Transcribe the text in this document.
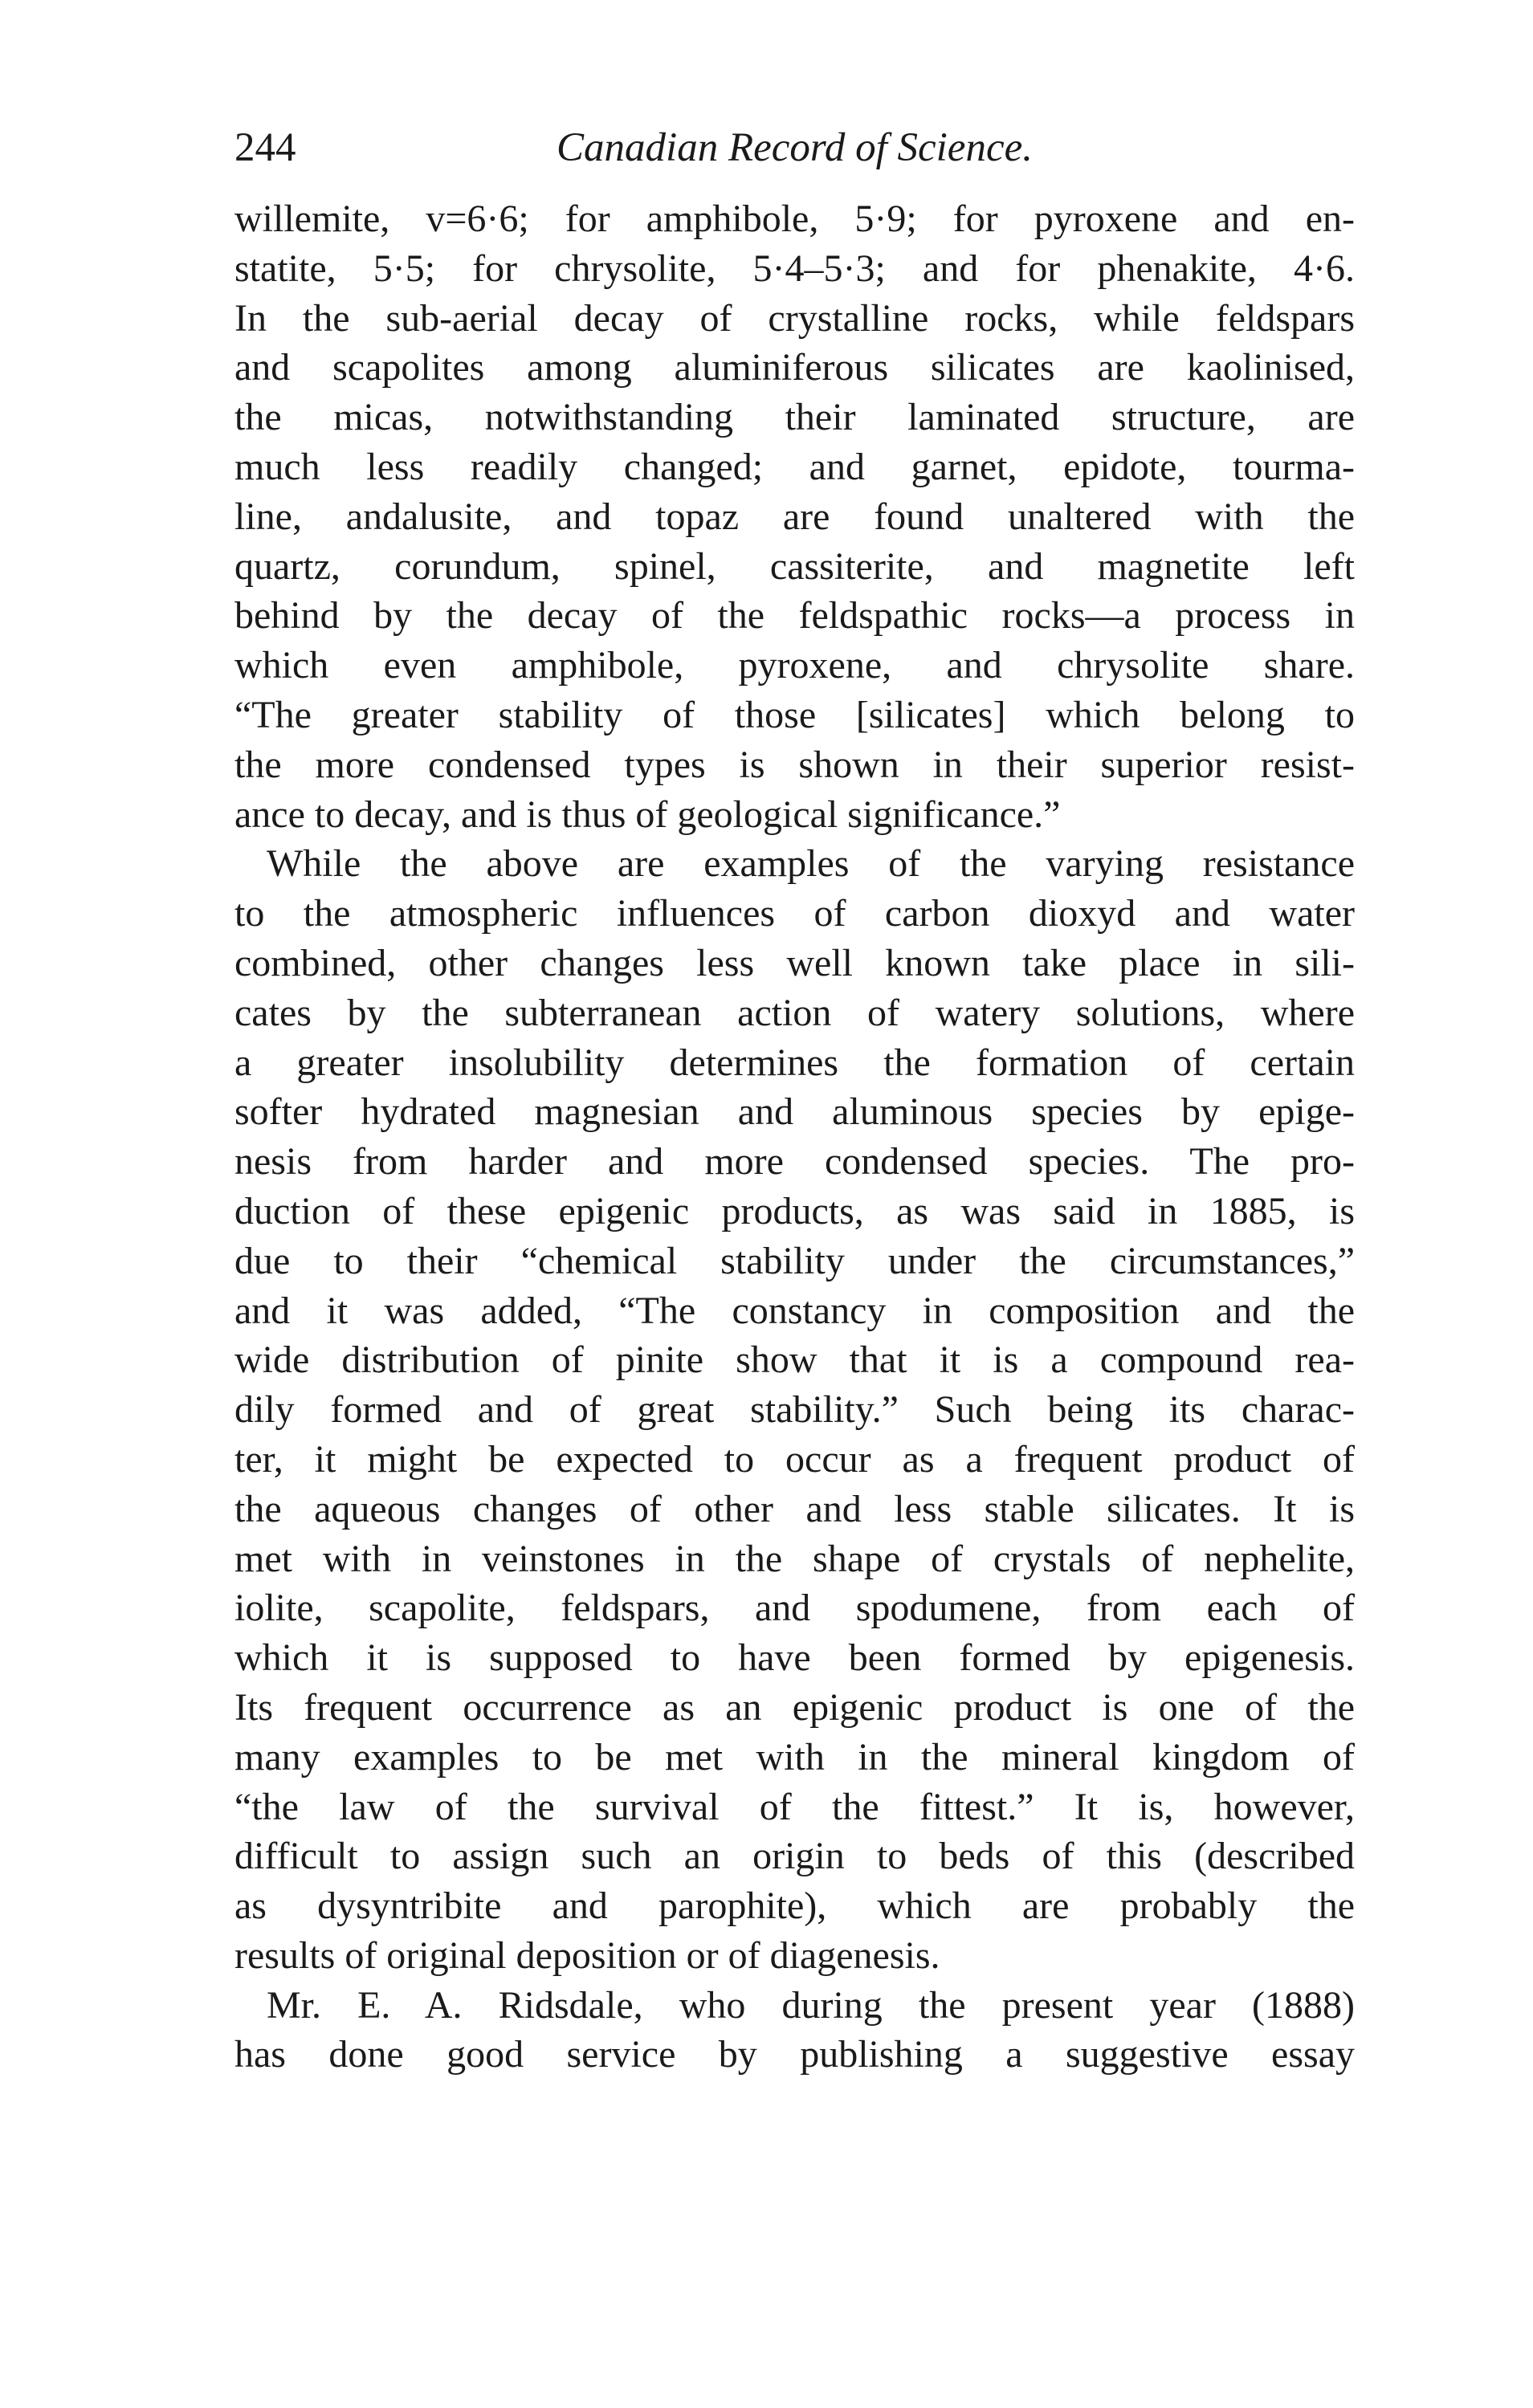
244	Canadian Record of Science.
willemite, v=6·6; for amphibole, 5·9; for pyroxene and en-
statite, 5·5; for chrysolite, 5·4–5·3; and for phenakite, 4·6.
In the sub-aerial decay of crystalline rocks, while feldspars
and scapolites among aluminiferous silicates are kaolinised,
the micas, notwithstanding their laminated structure, are
much less readily changed; and garnet, epidote, tourma-
line, andalusite, and topaz are found unaltered with the
quartz, corundum, spinel, cassiterite, and magnetite left
behind by the decay of the feldspathic rocks—a process in
which even amphibole, pyroxene, and chrysolite share.
“The greater stability of those [silicates] which belong to
the more condensed types is shown in their superior resist-
ance to decay, and is thus of geological significance.”
While the above are examples of the varying resistance
to the atmospheric influences of carbon dioxyd and water
combined, other changes less well known take place in sili-
cates by the subterranean action of watery solutions, where
a greater insolubility determines the formation of certain
softer hydrated magnesian and aluminous species by epige-
nesis from harder and more condensed species. The pro-
duction of these epigenic products, as was said in 1885, is
due to their “chemical stability under the circumstances,”
and it was added, “The constancy in composition and the
wide distribution of pinite show that it is a compound rea-
dily formed and of great stability.” Such being its charac-
ter, it might be expected to occur as a frequent product of
the aqueous changes of other and less stable silicates. It is
met with in veinstones in the shape of crystals of nephelite,
iolite, scapolite, feldspars, and spodumene, from each of
which it is supposed to have been formed by epigenesis.
Its frequent occurrence as an epigenic product is one of the
many examples to be met with in the mineral kingdom of
“the law of the survival of the fittest.” It is, however,
difficult to assign such an origin to beds of this (described
as dysyntribite and parophite), which are probably the
results of original deposition or of diagenesis.
Mr. E. A. Ridsdale, who during the present year (1888)
has done good service by publishing a suggestive essay
